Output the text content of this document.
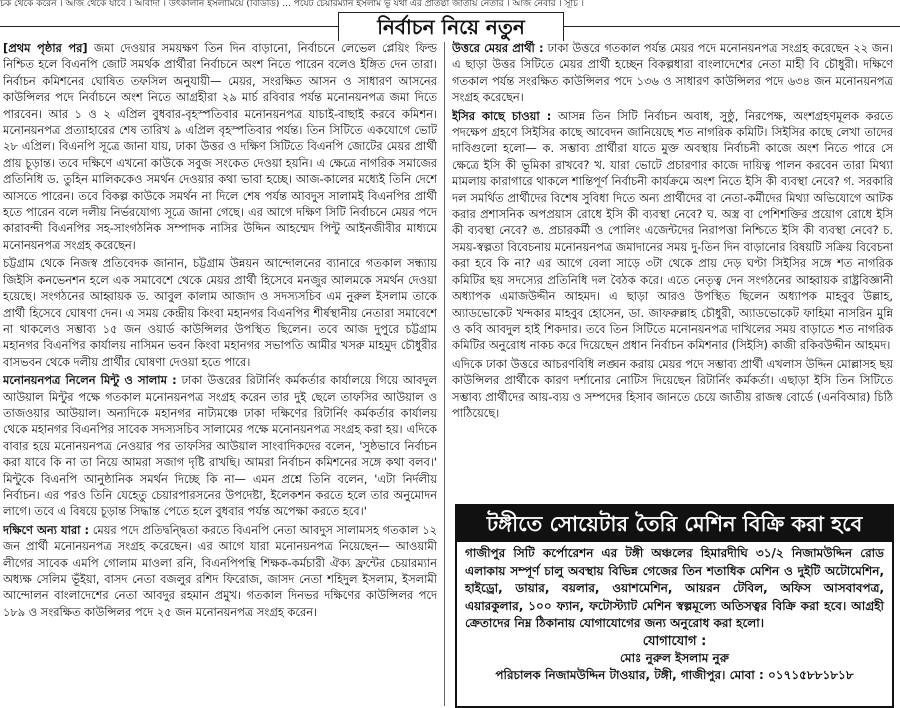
চক থেকে করেন । আজ থেকে যাবে । আবাদা । উৎকালীন ইসলামিয়ে (বিডিডি) ... পর্যেট চেয়ারম্যান ইসলাম ভূ যথা এর প্রতিষ্ঠা জাতীয় নেতার । আজ নেবার । সূচি ।
নির্বাচন নিয়ে নতুন

[প্রথম পৃষ্ঠার পর] জমা দেওয়ার সময়ক্ষণ তিন দিন বাড়ানো, নির্বাচনে লেভেল প্লেয়িং ফিল্ড নিশ্চিত হলে বিএনপি জোট সমর্থক প্রার্থীরা নির্বাচনে অংশ নিতে পারেন বলেও ইঙ্গিত দেন তারা। নির্বাচন কমিশনের ঘোষিত তফসিল অনুযায়ী— মেয়র, সংরক্ষিত আসন ও সাধারণ আসনের কাউন্সিলর পদে নির্বাচনে অংশ নিতে আগ্রহীরা ২৯ মার্চ রবিবার পর্যন্ত মনোনয়নপত্র জমা দিতে পারবেন। আর ১ ও ২ এপ্রিল বুধবার-বৃহস্পতিবার মনোনয়নপত্র যাচাই-বাছাই করবে কমিশন। মনোনয়নপত্র প্রত্যাহারের শেষ তারিখ ৯ এপ্রিল বৃহস্পতিবার পর্যন্ত। তিন সিটিতে একযোগে ভোট ২৮ এপ্রিল। বিএনপি সূত্রে জানা যায়, ঢাকা উত্তর ও দক্ষিণ সিটিতে বিএনপি জোটের মেয়র প্রার্থী প্রায় চূড়ান্ত। তবে দক্ষিণে এখনো কাউকে সবুজ সংকেত দেওয়া হয়নি। এ ক্ষেত্রে নাগরিক সমাজের প্রতিনিধি ড. তুহিন মালিককেও সমর্থন দেওয়ার কথা ভাবা হচ্ছে। আজ-কালের মধ্যেই তিনি দেশে আসতে পারেন। তবে বিকল্প কাউকে সমর্থন না দিলে শেষ পর্যন্ত আবদুস সালামই বিএনপির প্রার্থী হতে পারেন বলে দলীয় নির্ভরযোগ্য সূত্রে জানা গেছে। এর আগে দক্ষিণ সিটি নির্বাচনে মেয়র পদে কারাবন্দী বিএনপির সহ-সাংগঠনিক সম্পাদক নাসির উদ্দিন আহম্মেদ পিন্টু আইনজীবীর মাধ্যমে মনোনয়নপত্র সংগ্রহ করেছেন।

চট্টগ্রাম থেকে নিজস্ব প্রতিবেদক জানান, চট্টগ্রাম উন্নয়ন আন্দোলনের ব্যানারে গতকাল সন্ধ্যায় জিইসি কনভেনশন হলে এক সমাবেশে থেকে মেয়র প্রার্থী হিসেবে মনজুর আলমকে সমর্থন দেওয়া হয়েছে। সংগঠনের আহ্বায়ক ড. আবুল কালাম আজাদ ও সদস্যসচিব এম নুরুল ইসলাম তাকে প্রার্থী হিসেবে ঘোষণা দেন। এ সময় কেন্দ্রীয় কিংবা মহানগর বিএনপির শীর্ষস্থানীয় নেতারা সমাবেশে না থাকলেও সম্ভাব্য ১৫ জন ওয়ার্ড কাউন্সিলর উপস্থিত ছিলেন। তবে আজ দুপুরে চট্টগ্রাম মহানগর বিএনপির কার্যালয় নাসিমন ভবন কিংবা মহানগর সভাপতি আমীর খসরু মাহমুদ চৌধুরীর বাসভবন থেকে দলীয় প্রার্থীর ঘোষণা দেওয়া হতে পারে।

মনোনয়নপত্র নিলেন মিন্টু ও সালাম : ঢাকা উত্তরের রিটার্নিং কর্মকর্তার কার্যালয়ে গিয়ে আবদুল আউয়াল মিন্টুর পক্ষে গতকাল মনোনয়নপত্র সংগ্রহ করেন তার দুই ছেলে তাফসির আউয়াল ও তাজওয়ার আউয়াল। অন্যদিকে মহানগর নাট্যমঞ্চে ঢাকা দক্ষিণের রিটার্নিং কর্মকর্তার কার্যালয় থেকে মহানগর বিএনপির সাবেক সদস্যসচিব সালামের পক্ষে মনোনয়নপত্র সংগ্রহ করা হয়। এদিকে বাবার হয়ে মনোনয়নপত্র নেওয়ার পর তাফসির আউয়াল সাংবাদিকদের বলেন, 'সুষ্ঠভাবে নির্বাচন করা যাবে কি না তা নিয়ে আমরা সজাগ দৃষ্টি রাখছি। আমরা নির্বাচন কমিশনের সঙ্গে কথা বলব।' মিন্টুকে বিএনপি আনুষ্ঠানিক সমর্থন দিচ্ছে কি না— এমন প্রশ্নে তিনি বলেন, 'এটা নির্দলীয় নির্বাচন। এর পরও তিনি যেহেতু চেয়ারপারসনের উপদেষ্টা, ইলেকশন করতে হলে তার অনুমোদন লাগে। তবে এ বিষয়ে চূড়ান্ত সিদ্ধান্ত পেতে হলে বুধবার পর্যন্ত অপেক্ষা করতে হবে।'

দক্ষিণে অন্য যারা : মেয়র পদে প্রতিদ্বন্দ্বিতা করতে বিএনপি নেতা আবদুস সালামসহ গতকাল ১২ জন প্রার্থী মনোনয়নপত্র সংগ্রহ করেছেন। এর আগে যারা মনোনয়নপত্র নিয়েছেন— আওয়ামী লীগের সাবেক এমপি গোলাম মাওলা রনি, বিএনপিপন্থি শিক্ষক-কর্মচারী ঐক্য ফ্রন্টের চেয়ারম্যান অধ্যক্ষ সেলিম ভূঁইয়া, বাসদ নেতা বজলুর রশিদ ফিরোজ, জাসদ নেতা শহিদুল ইসলাম, ইসলামী আন্দোলন বাংলাদেশের নেতা আবদুর রহমান প্রমুখ। গতকাল দিনভর দক্ষিণের কাউন্সিলর পদে ১৮৯ ও সংরক্ষিত কাউন্সিলর পদে ২৫ জন মনোনয়নপত্র সংগ্রহ করেন।

উত্তরে মেয়র প্রার্থী : ঢাকা উত্তরে গতকাল পর্যন্ত মেয়র পদে মনোনয়নপত্র সংগ্রহ করেছেন ২২ জন। এ ছাড়া উত্তর সিটিতে মেয়র প্রার্থী হচ্ছেন বিকল্পধারা বাংলাদেশের নেতা মাহী বি চৌধুরী। দক্ষিণে গতকাল পর্যন্ত সংরক্ষিত কাউন্সিলর পদে ১৩৬ ও সাধারণ কাউন্সিলর পদে ৬৩৪ জন মনোনয়নপত্র সংগ্রহ করেছেন।

ইসির কাছে চাওয়া : আসন্ন তিন সিটি নির্বাচন অবাধ, সুষ্ঠু, নিরপেক্ষ, অংশগ্রহণমূলক করতে পদক্ষেপ গ্রহণে সিইসির কাছে আবেদন জানিয়েছে শত নাগরিক কমিটি। সিইসির কাছে লেখা তাদের দাবিগুলো হলো— ক. সম্ভাব্য প্রার্থীরা যাতে মুক্ত অবস্থায় নির্বাচনী কাজে অংশ নিতে পারে সে ক্ষেত্রে ইসি কী ভূমিকা রাখবে? খ. যারা ভোটে প্রচারণার কাজে দায়িত্ব পালন করবেন তারা মিথ্যা মামলায় কারাগারে থাকলে শান্তিপূর্ণ নির্বাচনী কার্যক্রমে অংশ নিতে ইসি কী ব্যবস্থা নেবে? গ. সরকারি দল সমর্থিত প্রার্থীদের বিশেষ সুবিধা দিতে অন্য প্রার্থীদের বা নেতা-কর্মীদের মিথ্যা অভিযোগে আটক করার প্রশাসনিক অপপ্রয়াস রোধে ইসি কী ব্যবস্থা নেবে? ঘ. অস্ত্র বা পেশিশক্তির প্রয়োগ রোধে ইসি কী ব্যবস্থা নেবে? ঙ. প্রচারকর্মী ও পোলিং এজেন্টদের নিরাপত্তা নিশ্চিতে ইসি কী ব্যবস্থা নেবে? চ. সময়-স্বল্পতা বিবেচনায় মনোনয়নপত্র জমাদানের সময় দু-তিন দিন বাড়ানোর বিষয়টি সক্রিয় বিবেচনা করা হবে কি না? এর আগে বেলা সাড়ে ৩টা থেকে প্রায় দেড় ঘণ্টা সিইসির সঙ্গে শত নাগরিক কমিটির ছয় সদস্যের প্রতিনিধি দল বৈঠক করে। এতে নেতৃত্ব দেন সংগঠনের আহ্বায়ক রাষ্ট্রবিজ্ঞানী অধ্যাপক এমাজউদ্দীন আহমদ। এ ছাড়া আরও উপস্থিত ছিলেন অধ্যাপক মাহবুব উল্লাহ, অ্যাডভোকেট খন্দকার মাহবুব হোসেন, ডা. জাফরুল্লাহ চৌধুরী, অ্যাডভোকেট ফাহিমা নাসরিন মুন্নি ও কবি আবদুল হাই শিকদার। তবে তিন সিটিতে মনোনয়নপত্র দাখিলের সময় বাড়াতে শত নাগরিক কমিটির অনুরোধ নাকচ করে দিয়েছেন প্রধান নির্বাচন কমিশনার (সিইসি) কাজী রকিবউদ্দীন আহমদ।

এদিকে ঢাকা উত্তরে আচরণবিধি লঙ্ঘন করায় মেয়র পদে সম্ভাব্য প্রার্থী এখলাস উদ্দিন মোল্লাসহ ছয় কাউন্সিলর প্রার্থীকে কারণ দর্শানোর নোটিস দিয়েছেন রিটার্নিং কর্মকর্তা। এছাড়া ইসি তিন সিটিতে সম্ভাব্য প্রার্থীদের আয়-ব্যয় ও সম্পদের হিসাব জানতে চেয়ে জাতীয় রাজস্ব বোর্ডে (এনবিআর) চিঠি পাঠিয়েছে।

টঙ্গীতে সোয়েটার তৈরি মেশিন বিক্রি করা হবে
গাজীপুর সিটি কর্পোরেশন এর টঙ্গী অঞ্চলের হিমারদীঘি ৩১/২ নিজামউদ্দিন রোড এলাকায় সম্পূর্ণ চালু অবস্থায় বিভিন্ন গেজের তিন শতাধিক মেশিন ও দুইটি অটোমেশিন, হাইড্রো, ডায়ার, বয়লার, ওয়াশমেশিন, আয়রন টেবিল, অফিস আসবাবপত্র, এয়ারকুলার, ১০০ ফ্যান, ফটোস্ট্যাট মেশিন স্বল্পমূল্যে অতিসত্বর বিক্রি করা হবে। আগ্রহী ক্রেতাদের নিম্ন ঠিকানায় যোগাযোগের জন্য অনুরোধ করা হলো।
যোগাযোগ :
মোঃ নুরুল ইসলাম নুরু
পরিচালক নিজামউদ্দিন টাওয়ার, টঙ্গী, গাজীপুর। মোবা : ০১৭১৫৮৮১৮১৮
